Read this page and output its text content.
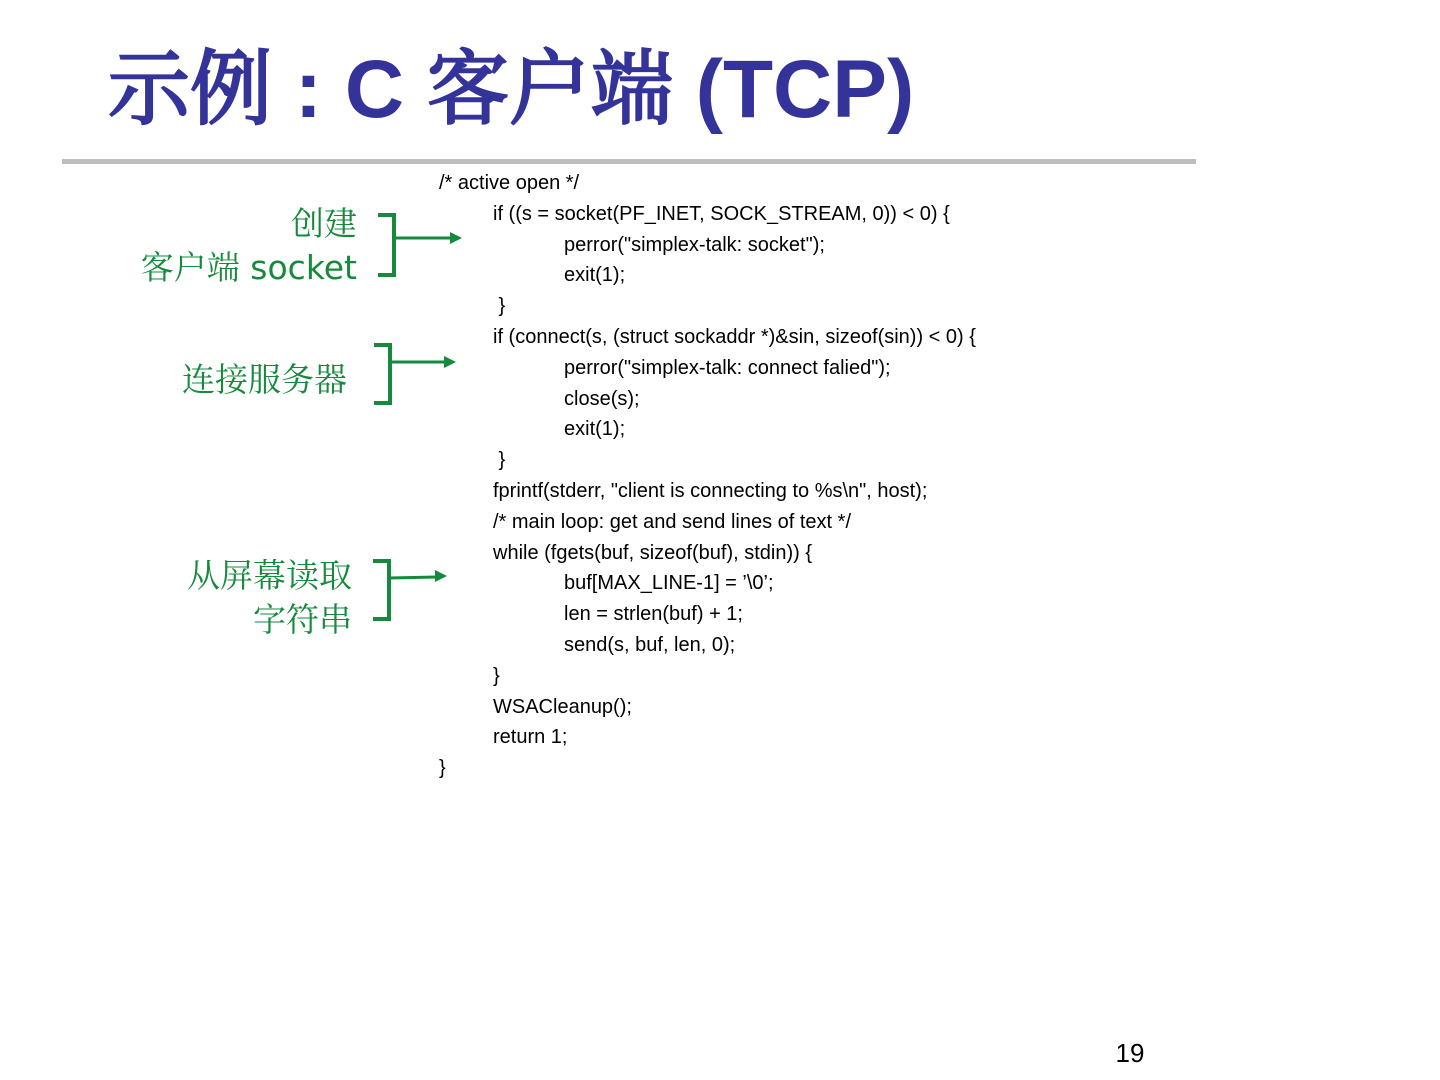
示例 : C 客户端 (TCP)
/* active open */
if ((s = socket(PF_INET, SOCK_STREAM, 0)) < 0) {
perror("simplex-talk: socket");
exit(1);
}
if (connect(s, (struct sockaddr *)&sin, sizeof(sin)) < 0) {
perror("simplex-talk: connect falied");
close(s);
exit(1);
}
fprintf(stderr, "client is connecting to %s\n", host);
/* main loop: get and send lines of text */
while (fgets(buf, sizeof(buf), stdin)) {
buf[MAX_LINE-1] = ’\0’;
len = strlen(buf) + 1;
send(s, buf, len, 0);
}
WSACleanup();
return 1;
}
创建
客户端 socket
连接服务器
从屏幕读取
字符串
19
